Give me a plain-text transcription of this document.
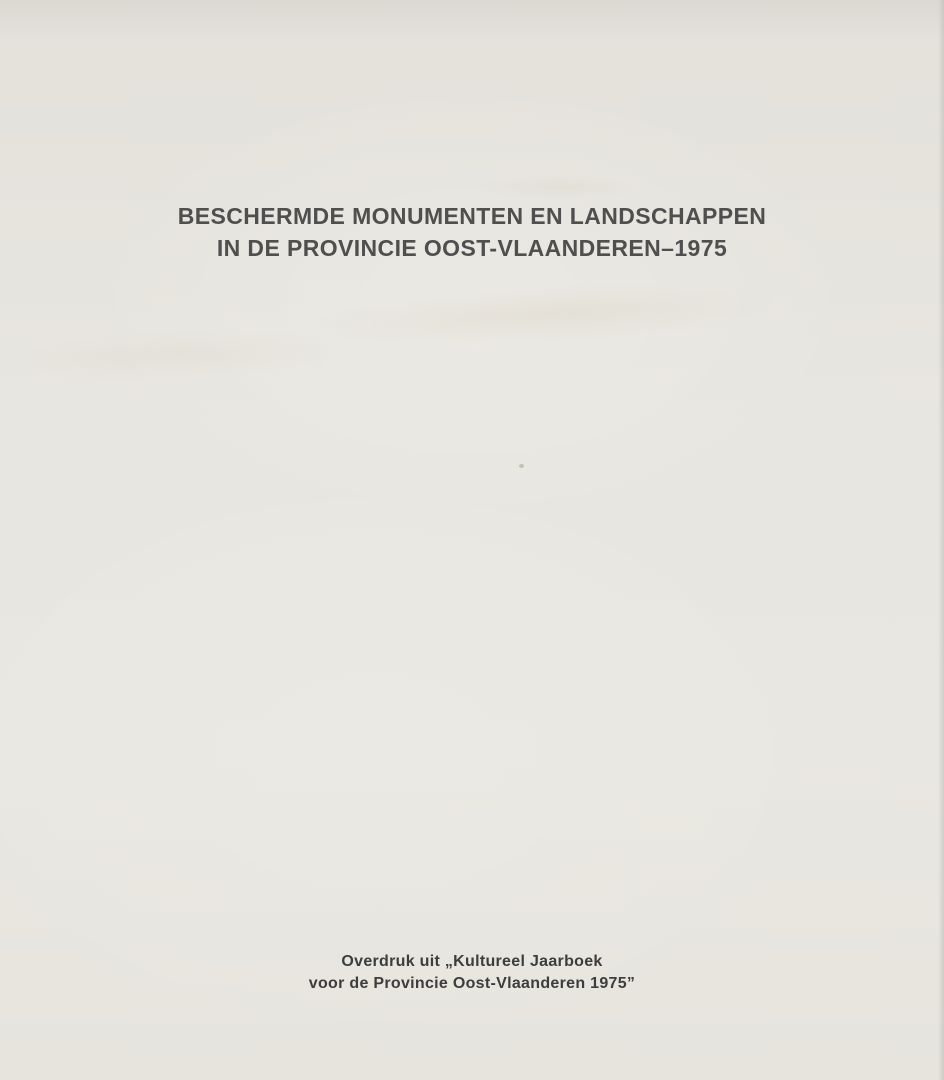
BESCHERMDE MONUMENTEN EN LANDSCHAPPEN
IN DE PROVINCIE OOST-VLAANDEREN–1975
Overdruk uit „Kultureel Jaarboek
voor de Provincie Oost-Vlaanderen 1975”
